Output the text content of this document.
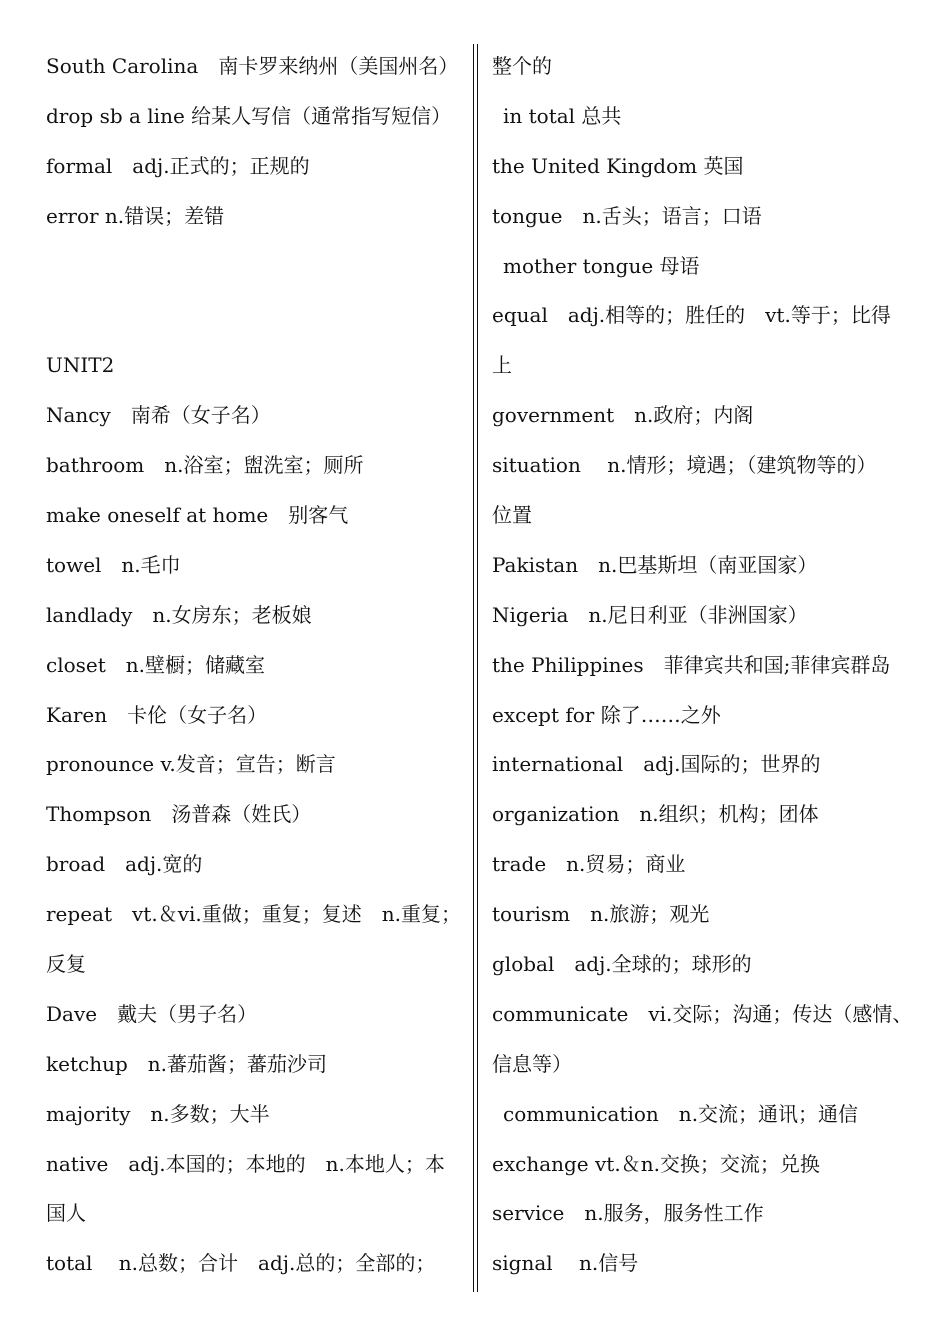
South Carolina　南卡罗来纳州（美国州名）
drop sb a line 给某人写信（通常指写短信）
formal　adj.正式的；正规的
error n.错误；差错
UNIT2
Nancy　南希（女子名）
bathroom　n.浴室；盥洗室；厕所
make oneself at home　别客气
towel　n.毛巾
landlady　n.女房东；老板娘
closet　n.壁橱；储藏室
Karen　卡伦（女子名）
pronounce v.发音；宣告；断言
Thompson　汤普森（姓氏）
broad　adj.宽的
repeat　vt.＆vi.重做；重复；复述　n.重复；
反复
Dave　戴夫（男子名）
ketchup　n.蕃茄酱；蕃茄沙司
majority　n.多数；大半
native　adj.本国的；本地的　n.本地人；本
国人
total　 n.总数；合计　adj.总的；全部的；
整个的
in total 总共
the United Kingdom 英国
tongue　n.舌头；语言；口语
mother tongue 母语
equal　adj.相等的；胜任的　vt.等于；比得
上
government　n.政府；内阁
situation　 n.情形；境遇；（建筑物等的）
位置
Pakistan　n.巴基斯坦（南亚国家）
Nigeria　n.尼日利亚（非洲国家）
the Philippines　菲律宾共和国;菲律宾群岛
except for 除了……之外
international　adj.国际的；世界的
organization　n.组织；机构；团体
trade　n.贸易；商业
tourism　n.旅游；观光
global　adj.全球的；球形的
communicate　vi.交际；沟通；传达（感情、
信息等）
communication　n.交流；通讯；通信
exchange vt.＆n.交换；交流；兑换
service　n.服务，服务性工作
signal　 n.信号
